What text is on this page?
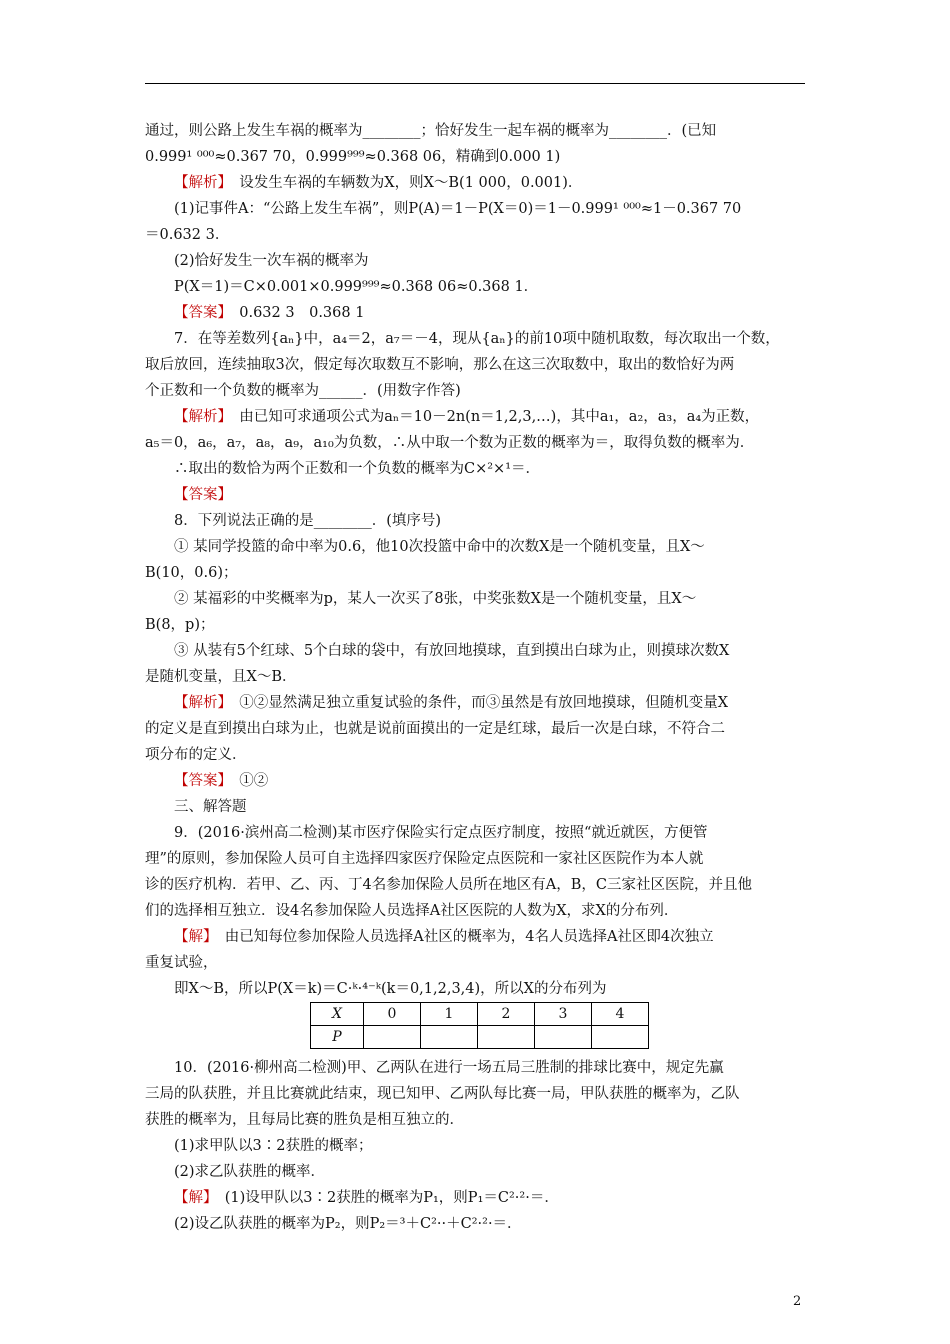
通过，则公路上发生车祸的概率为________；恰好发生一起车祸的概率为________．(已知
0.999¹ ⁰⁰⁰≈0.367 70，0.999⁹⁹⁹≈0.368 06，精确到0.000 1)
【解析】　设发生车祸的车辆数为X，则X～B(1 000，0.001)．
(1)记事件A：“公路上发生车祸”，则P(A)＝1－P(X＝0)＝1－0.999¹ ⁰⁰⁰≈1－0.367 70
＝0.632 3．
(2)恰好发生一次车祸的概率为
P(X＝1)＝C×0.001×0.999⁹⁹⁹≈0.368 06≈0.368 1．
【答案】　0.632 3　0.368 1
7．在等差数列{aₙ}中，a₄＝2，a₇＝－4，现从{aₙ}的前10项中随机取数，每次取出一个数，
取后放回，连续抽取3次，假定每次取数互不影响，那么在这三次取数中，取出的数恰好为两
个正数和一个负数的概率为______．(用数字作答)
【解析】　由已知可求通项公式为aₙ＝10－2n(n＝1,2,3,…)，其中a₁，a₂，a₃，a₄为正数，
a₅＝0，a₆，a₇，a₈，a₉，a₁₀为负数，∴从中取一个数为正数的概率为＝，取得负数的概率为．
∴取出的数恰为两个正数和一个负数的概率为C×²×¹＝．
【答案】
8．下列说法正确的是________．(填序号)
① 某同学投篮的命中率为0.6，他10次投篮中命中的次数X是一个随机变量，且X～
B(10，0.6)；
② 某福彩的中奖概率为p，某人一次买了8张，中奖张数X是一个随机变量，且X～
B(8，p)；
③ 从装有5个红球、5个白球的袋中，有放回地摸球，直到摸出白球为止，则摸球次数X
是随机变量，且X～B．
【解析】　①②显然满足独立重复试验的条件，而③虽然是有放回地摸球，但随机变量X
的定义是直到摸出白球为止，也就是说前面摸出的一定是红球，最后一次是白球，不符合二
项分布的定义．
【答案】　①②
三、解答题
9．(2016·滨州高二检测)某市医疗保险实行定点医疗制度，按照“就近就医，方便管
理”的原则，参加保险人员可自主选择四家医疗保险定点医院和一家社区医院作为本人就
诊的医疗机构．若甲、乙、丙、丁4名参加保险人员所在地区有A，B，C三家社区医院，并且他
们的选择相互独立．设4名参加保险人员选择A社区医院的人数为X，求X的分布列．
【解】　由已知每位参加保险人员选择A社区的概率为，4名人员选择A社区即4次独立
重复试验，
即X～B，所以P(X＝k)＝C·ᵏ·⁴⁻ᵏ(k＝0,1,2,3,4)，所以X的分布列为
X	0	1	2	3	4
P					
10．(2016·柳州高二检测)甲、乙两队在进行一场五局三胜制的排球比赛中，规定先赢
三局的队获胜，并且比赛就此结束，现已知甲、乙两队每比赛一局，甲队获胜的概率为，乙队
获胜的概率为，且每局比赛的胜负是相互独立的．
(1)求甲队以3∶2获胜的概率；
(2)求乙队获胜的概率．
【解】　(1)设甲队以3∶2获胜的概率为P₁，则P₁＝C²·²·＝．
(2)设乙队获胜的概率为P₂，则P₂＝³＋C²··＋C²·²·＝．
2
